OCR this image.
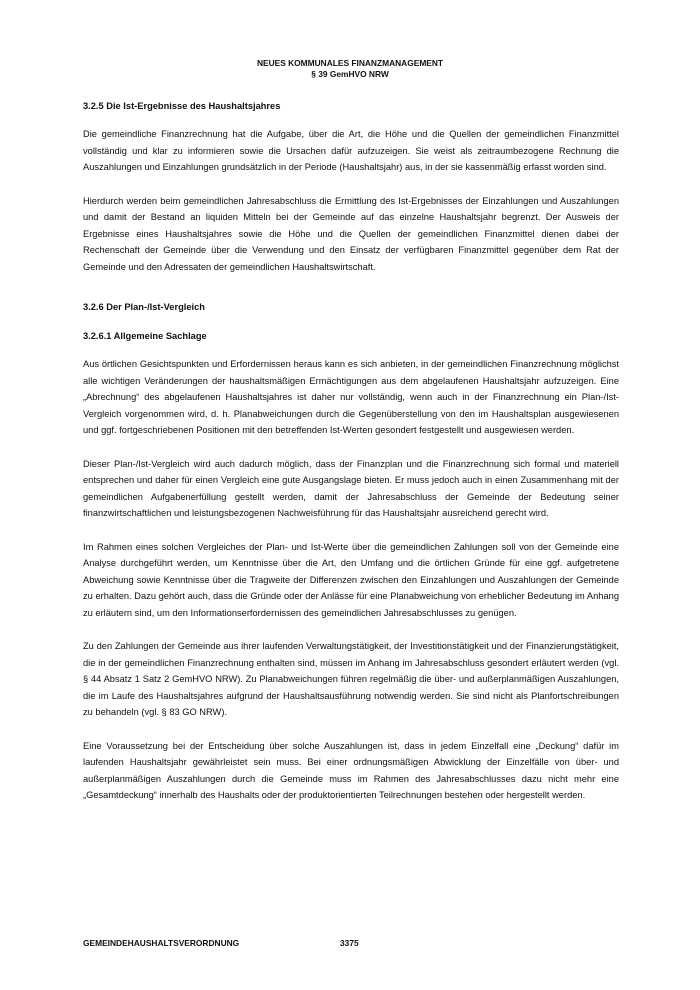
NEUES KOMMUNALES FINANZMANAGEMENT
§ 39 GemHVO NRW
3.2.5 Die Ist-Ergebnisse des Haushaltsjahres

Die gemeindliche Finanzrechnung hat die Aufgabe, über die Art, die Höhe und die Quellen der gemeindlichen Finanzmittel vollständig und klar zu informieren sowie die Ursachen dafür aufzuzeigen. Sie weist als zeitraumbezogene Rechnung die Auszahlungen und Einzahlungen grundsätzlich in der Periode (Haushaltsjahr) aus, in der sie kassenmäßig erfasst worden sind.

Hierdurch werden beim gemeindlichen Jahresabschluss die Ermittlung des Ist-Ergebnisses der Einzahlungen und Auszahlungen und damit der Bestand an liquiden Mitteln bei der Gemeinde auf das einzelne Haushaltsjahr begrenzt. Der Ausweis der Ergebnisse eines Haushaltsjahres sowie die Höhe und die Quellen der gemeindlichen Finanzmittel dienen dabei der Rechenschaft der Gemeinde über die Verwendung und den Einsatz der verfügbaren Finanzmittel gegenüber dem Rat der Gemeinde und den Adressaten der gemeindlichen Haushaltswirtschaft.

3.2.6 Der Plan-/Ist-Vergleich
3.2.6.1 Allgemeine Sachlage

Aus örtlichen Gesichtspunkten und Erfordernissen heraus kann es sich anbieten, in der gemeindlichen Finanzrechnung möglichst alle wichtigen Veränderungen der haushaltsmäßigen Ermächtigungen aus dem abgelaufenen Haushaltsjahr aufzuzeigen. Eine „Abrechnung“ des abgelaufenen Haushaltsjahres ist daher nur vollständig, wenn auch in der Finanzrechnung ein Plan-/Ist-Vergleich vorgenommen wird, d. h. Planabweichungen durch die Gegenüberstellung von den im Haushaltsplan ausgewiesenen und ggf. fortgeschriebenen Positionen mit den betreffenden Ist-Werten gesondert festgestellt und ausgewiesen werden.

Dieser Plan-/Ist-Vergleich wird auch dadurch möglich, dass der Finanzplan und die Finanzrechnung sich formal und materiell entsprechen und daher für einen Vergleich eine gute Ausgangslage bieten. Er muss jedoch auch in einen Zusammenhang mit der gemeindlichen Aufgabenerfüllung gestellt werden, damit der Jahresabschluss der Gemeinde der Bedeutung seiner finanzwirtschaftlichen und leistungsbezogenen Nachweisführung für das Haushaltsjahr ausreichend gerecht wird.

Im Rahmen eines solchen Vergleiches der Plan- und Ist-Werte über die gemeindlichen Zahlungen soll von der Gemeinde eine Analyse durchgeführt werden, um Kenntnisse über die Art, den Umfang und die örtlichen Gründe für eine ggf. aufgetretene Abweichung sowie Kenntnisse über die Tragweite der Differenzen zwischen den Einzahlungen und Auszahlungen der Gemeinde zu erhalten. Dazu gehört auch, dass die Gründe oder der Anlässe für eine Planabweichung von erheblicher Bedeutung im Anhang zu erläutern sind, um den Informationserfordernissen des gemeindlichen Jahresabschlusses zu genügen.

Zu den Zahlungen der Gemeinde aus ihrer laufenden Verwaltungstätigkeit, der Investitionstätigkeit und der Finanzierungstätigkeit, die in der gemeindlichen Finanzrechnung enthalten sind, müssen im Anhang im Jahresabschluss gesondert erläutert werden (vgl. § 44 Absatz 1 Satz 2 GemHVO NRW). Zu Planabweichungen führen regelmäßig die über- und außerplanmäßigen Auszahlungen, die im Laufe des Haushaltsjahres aufgrund der Haushaltsausführung notwendig werden. Sie sind nicht als Planfortschreibungen zu behandeln (vgl. § 83 GO NRW).

Eine Voraussetzung bei der Entscheidung über solche Auszahlungen ist, dass in jedem Einzelfall eine „Deckung“ dafür im laufenden Haushaltsjahr gewährleistet sein muss. Bei einer ordnungsmäßigen Abwicklung der Einzelfälle von über- und außerplanmäßigen Auszahlungen durch die Gemeinde muss im Rahmen des Jahresabschlusses dazu nicht mehr eine „Gesamtdeckung“ innerhalb des Haushalts oder der produktorientierten Teilrechnungen bestehen oder hergestellt werden.

GEMEINDEHAUSHALTSVERORDNUNG	3375
